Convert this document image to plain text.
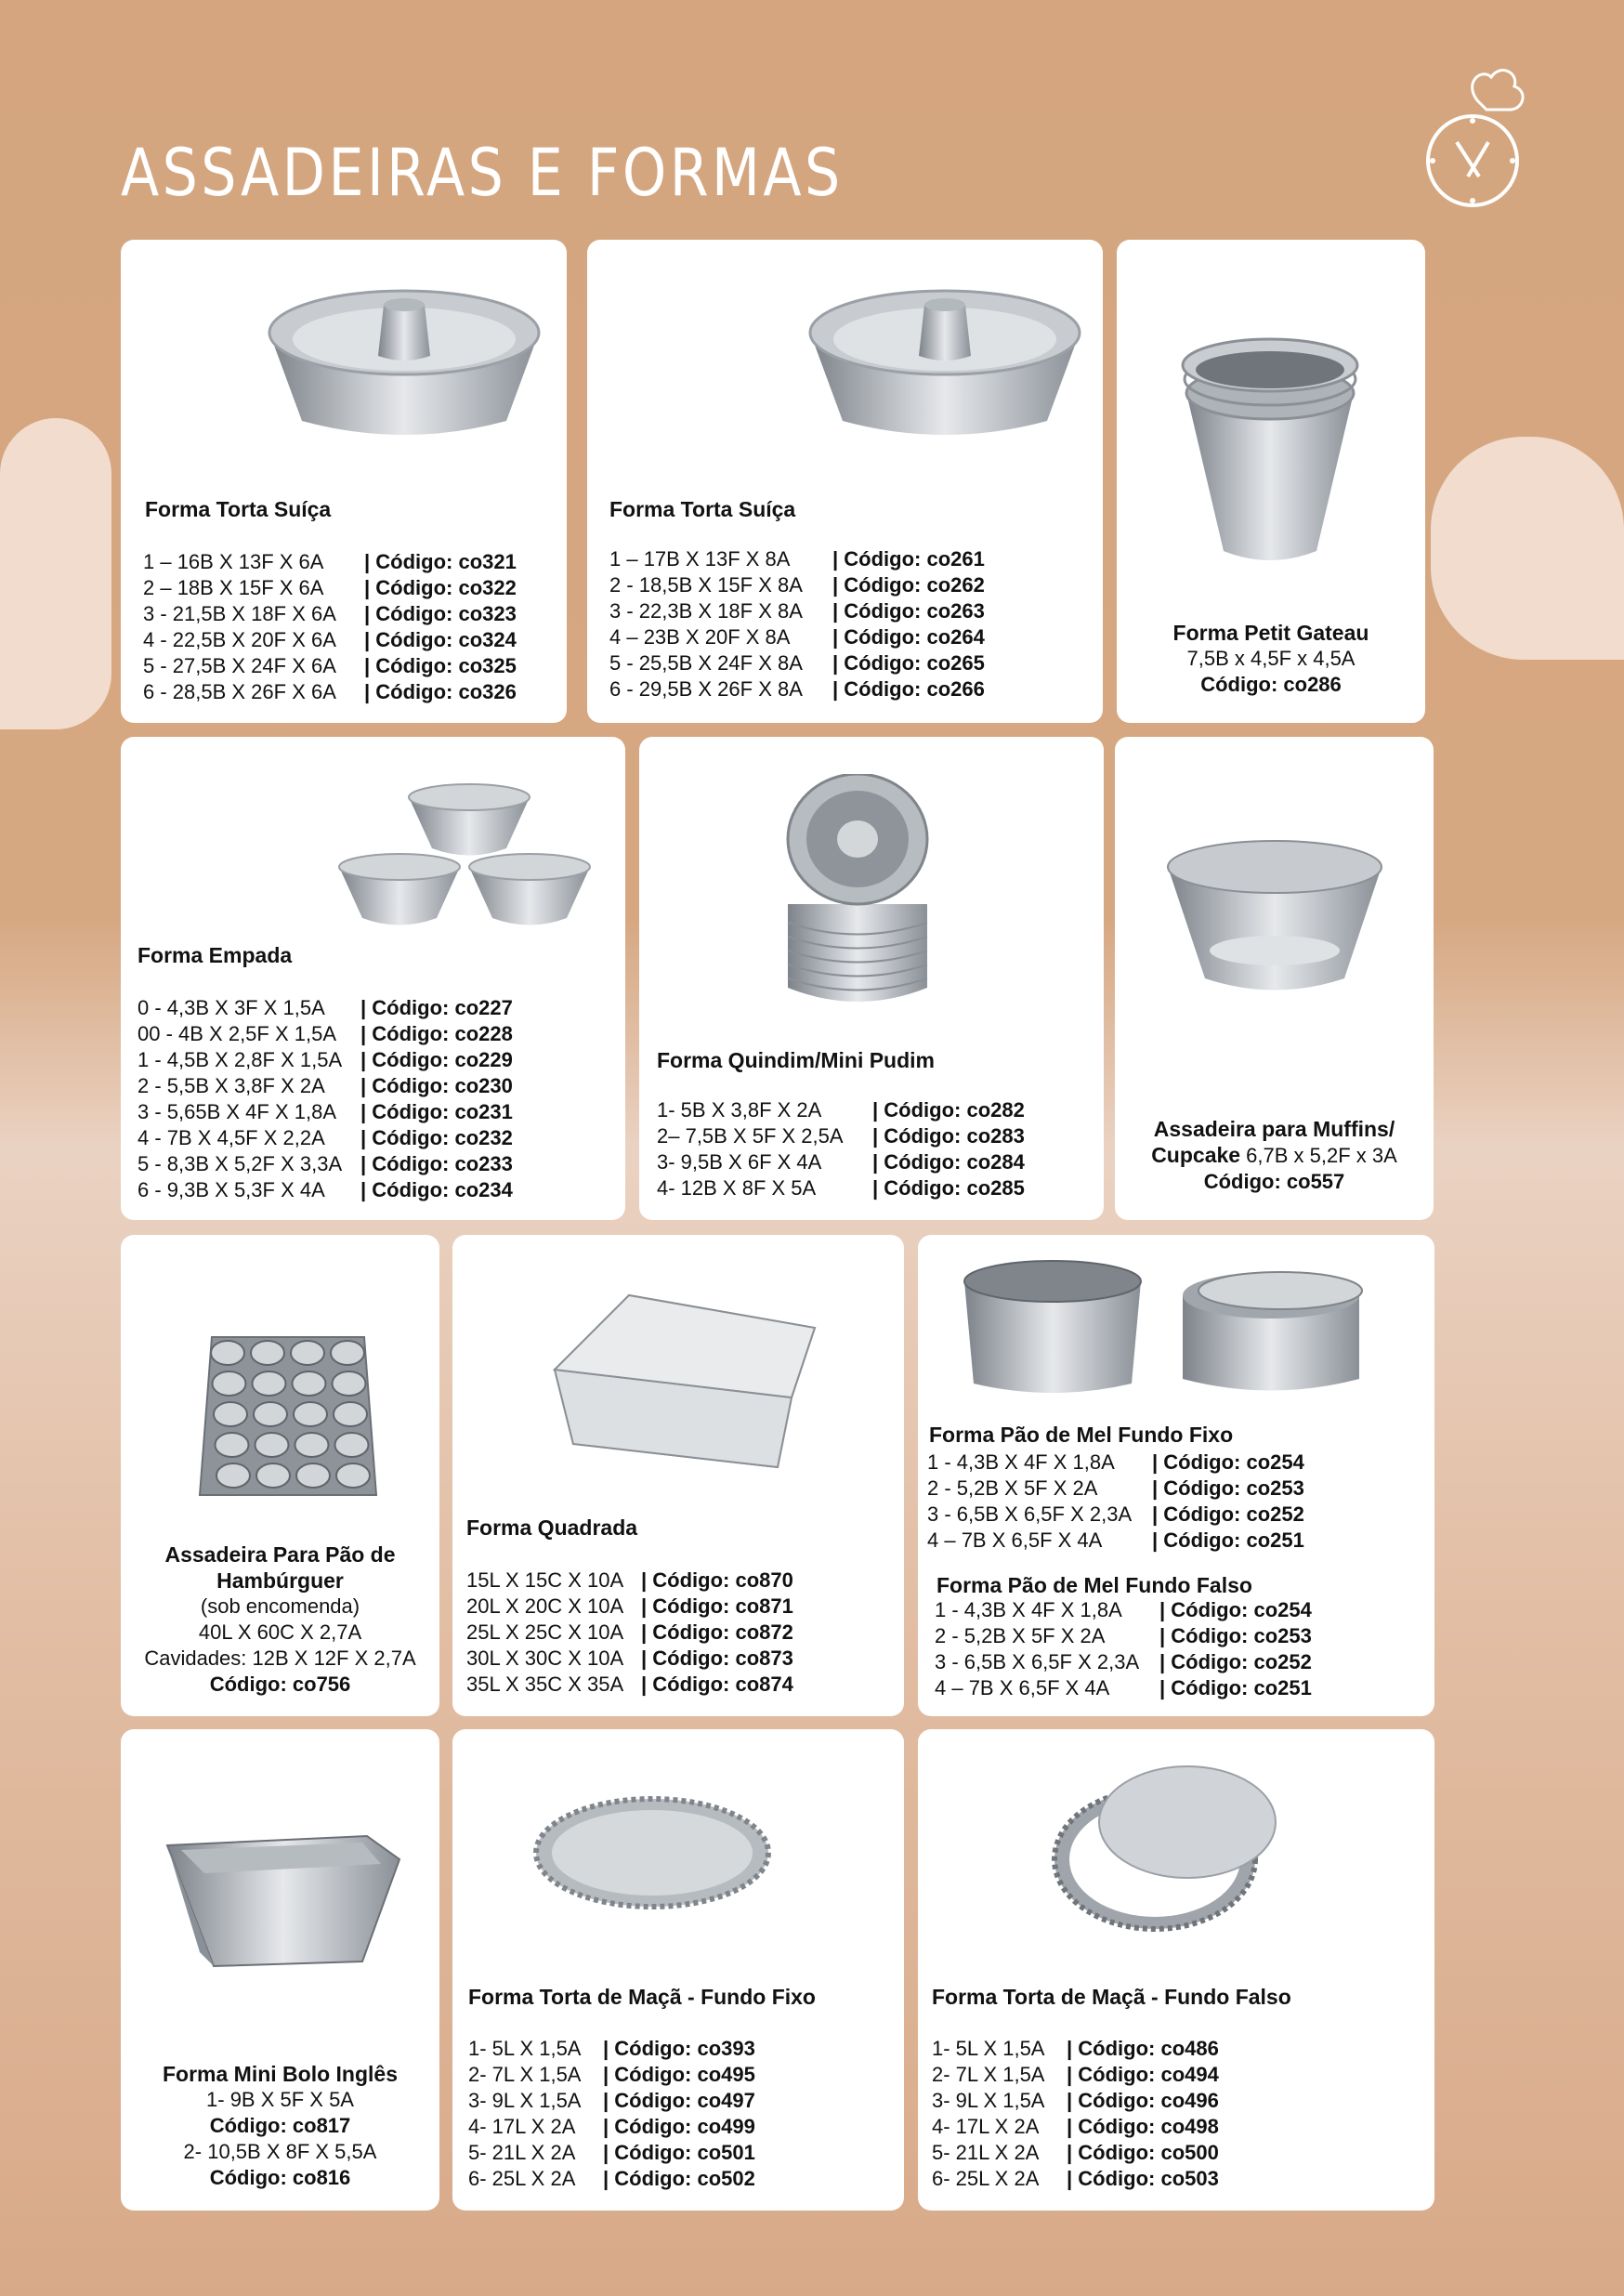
ASSADEIRAS E FORMAS
Forma Torta Suíça
1 – 16B X 13F X 6A	| Código: co321
2 – 18B X 15F X 6A	| Código: co322
3 - 21,5B X 18F X 6A	| Código: co323
4 - 22,5B X 20F X 6A	| Código: co324
5 - 27,5B X 24F X 6A	| Código: co325
6 - 28,5B X 26F X 6A	| Código: co326
Forma Torta Suíça
1 – 17B X 13F X 8A	| Código: co261
2 - 18,5B X 15F X 8A	| Código: co262
3 - 22,3B X 18F X 8A	| Código: co263
4 – 23B X 20F X 8A	| Código: co264
5 - 25,5B X 24F X 8A	| Código: co265
6 - 29,5B X 26F X 8A	| Código: co266
Forma Petit Gateau
7,5B x 4,5F x 4,5A
Código: co286
Forma Empada
0 - 4,3B X 3F X 1,5A	| Código: co227
00 - 4B X 2,5F X 1,5A	| Código: co228
1 - 4,5B X 2,8F X 1,5A | Código: co229
2 - 5,5B X 3,8F X 2A	| Código: co230
3 - 5,65B X 4F X 1,8A	| Código: co231
4 - 7B X 4,5F X 2,2A	| Código: co232
5 - 8,3B X 5,2F X 3,3A | Código: co233
6 - 9,3B X 5,3F X 4A	| Código: co234
Forma Quindim/Mini Pudim
1- 5B X 3,8F X 2A	| Código: co282
2– 7,5B X 5F X 2,5A	| Código: co283
3- 9,5B X 6F X 4A	| Código: co284
4- 12B X 8F X 5A	| Código: co285
Assadeira para Muffins/
Cupcake 6,7B x 5,2F x 3A
Código: co557
Assadeira Para Pão de
Hambúrguer
(sob encomenda)
40L X 60C X 2,7A
Cavidades: 12B X 12F X 2,7A
Código: co756
Forma Quadrada
15L X 15C X 10A | Código: co870
20L X 20C X 10A | Código: co871
25L X 25C X 10A | Código: co872
30L X 30C X 10A | Código: co873
35L X 35C X 35A | Código: co874
Forma Pão de Mel Fundo Fixo
1 - 4,3B X 4F X 1,8A	| Código: co254
2 - 5,2B X 5F X 2A	| Código: co253
3 - 6,5B X 6,5F X 2,3A | Código: co252
4 – 7B X 6,5F X 4A	| Código: co251
Forma Pão de Mel Fundo Falso
1 - 4,3B X 4F X 1,8A	| Código: co254
2 - 5,2B X 5F X 2A	| Código: co253
3 - 6,5B X 6,5F X 2,3A | Código: co252
4 – 7B X 6,5F X 4A	| Código: co251
Forma Mini Bolo Inglês
1- 9B X 5F X 5A
Código: co817
2- 10,5B X 8F X 5,5A
Código: co816
Forma Torta de Maçã - Fundo Fixo
1- 5L X 1,5A	| Código: co393
2- 7L X 1,5A	| Código: co495
3- 9L X 1,5A	| Código: co497
4- 17L X 2A	| Código: co499
5- 21L X 2A	| Código: co501
6- 25L X 2A	| Código: co502
Forma Torta de Maçã - Fundo Falso
1- 5L X 1,5A	| Código: co486
2- 7L X 1,5A	| Código: co494
3- 9L X 1,5A	| Código: co496
4- 17L X 2A	| Código: co498
5- 21L X 2A	| Código: co500
6- 25L X 2A	| Código: co503
